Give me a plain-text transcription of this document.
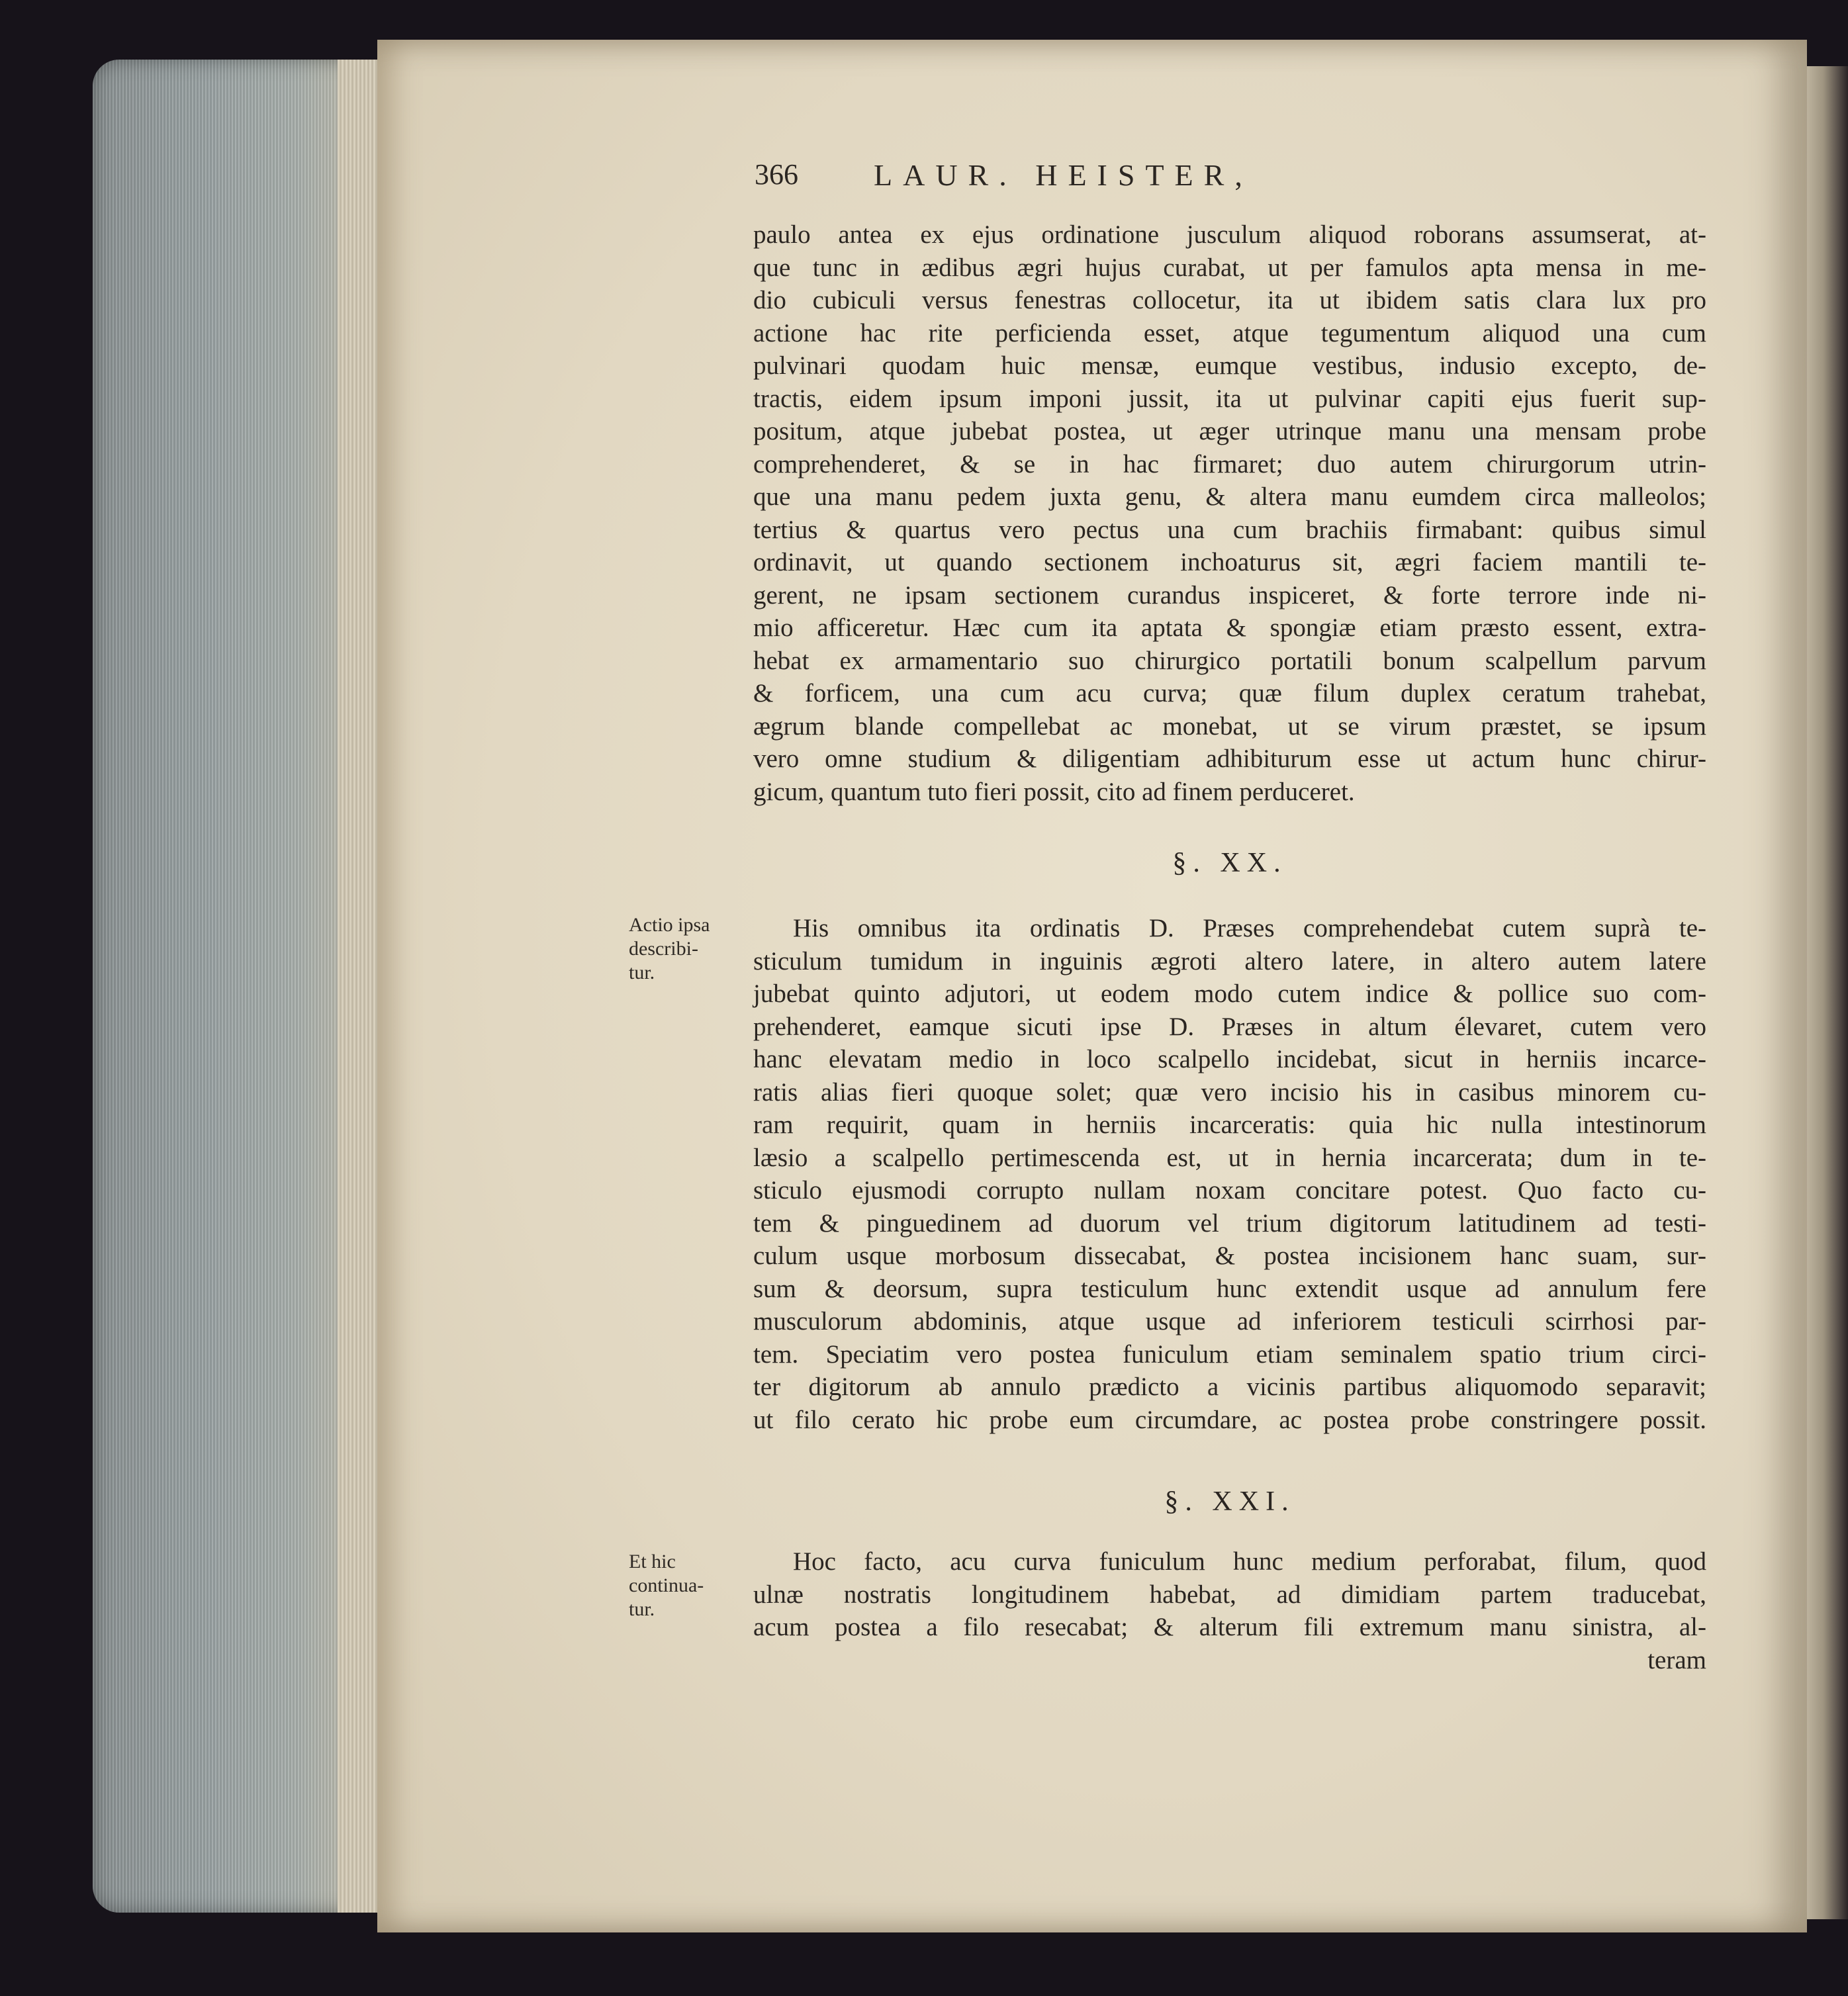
366 LAUR. HEISTER,
paulo antea ex ejus ordinatione jusculum aliquod roborans assumserat, at-
que tunc in ædibus ægri hujus curabat, ut per famulos apta mensa in me-
dio cubiculi versus fenestras collocetur, ita ut ibidem satis clara lux pro
actione hac rite perficienda esset, atque tegumentum aliquod una cum
pulvinari quodam huic mensæ, eumque vestibus, indusio excepto, de-
tractis, eidem ipsum imponi jussit, ita ut pulvinar capiti ejus fuerit sup-
positum, atque jubebat postea, ut æger utrinque manu una mensam probe
comprehenderet, & se in hac firmaret; duo autem chirurgorum utrin-
que una manu pedem juxta genu, & altera manu eumdem circa malleolos;
tertius & quartus vero pectus una cum brachiis firmabant: quibus simul
ordinavit, ut quando sectionem inchoaturus sit, ægri faciem mantili te-
gerent, ne ipsam sectionem curandus inspiceret, & forte terrore inde ni-
mio afficeretur. Hæc cum ita aptata & spongiæ etiam præsto essent, extra-
hebat ex armamentario suo chirurgico portatili bonum scalpellum parvum
& forficem, una cum acu curva; quæ filum duplex ceratum trahebat,
ægrum blande compellebat ac monebat, ut se virum præstet, se ipsum
vero omne studium & diligentiam adhibiturum esse ut actum hunc chirur-
gicum, quantum tuto fieri possit, cito ad finem perduceret.
§. XX.
Actio ipsa
describi-
tur.
His omnibus ita ordinatis D. Præses comprehendebat cutem suprà te-
sticulum tumidum in inguinis ægroti altero latere, in altero autem latere
jubebat quinto adjutori, ut eodem modo cutem indice & pollice suo com-
prehenderet, eamque sicuti ipse D. Præses in altum élevaret, cutem vero
hanc elevatam medio in loco scalpello incidebat, sicut in herniis incarce-
ratis alias fieri quoque solet; quæ vero incisio his in casibus minorem cu-
ram requirit, quam in herniis incarceratis: quia hic nulla intestinorum
læsio a scalpello pertimescenda est, ut in hernia incarcerata; dum in te-
sticulo ejusmodi corrupto nullam noxam concitare potest. Quo facto cu-
tem & pinguedinem ad duorum vel trium digitorum latitudinem ad testi-
culum usque morbosum dissecabat, & postea incisionem hanc suam, sur-
sum & deorsum, supra testiculum hunc extendit usque ad annulum fere
musculorum abdominis, atque usque ad inferiorem testiculi scirrhosi par-
tem. Speciatim vero postea funiculum etiam seminalem spatio trium circi-
ter digitorum ab annulo prædicto a vicinis partibus aliquomodo separavit;
ut filo cerato hic probe eum circumdare, ac postea probe constringere possit.
§. XXI.
Et hic
continua-
tur.
Hoc facto, acu curva funiculum hunc medium perforabat, filum, quod
ulnæ nostratis longitudinem habebat, ad dimidiam partem traducebat,
acum postea a filo resecabat; & alterum fili extremum manu sinistra, al-
teram
